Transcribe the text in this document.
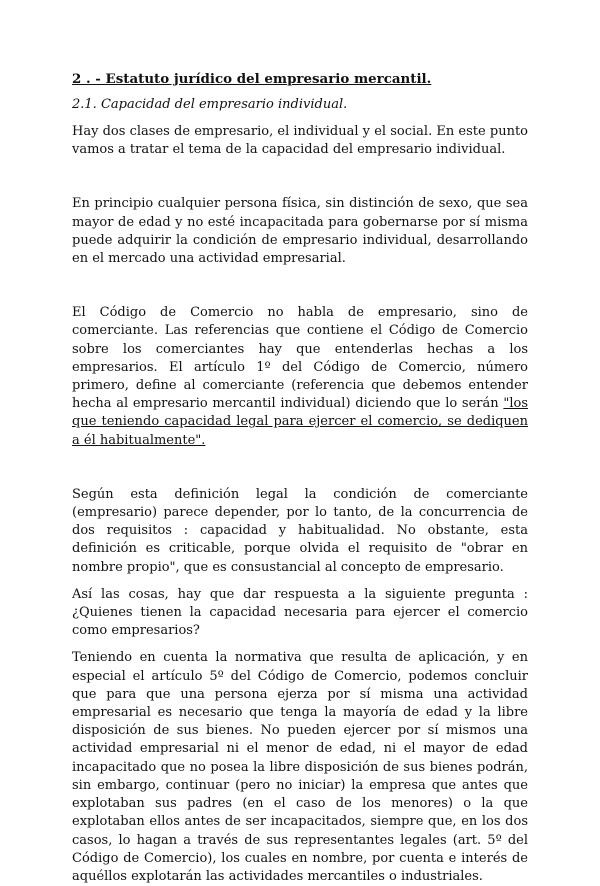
2 . - Estatuto jurídico del empresario mercantil.

2.1. Capacidad del empresario individual.

Hay dos clases de empresario, el individual y el social. En este punto vamos a tratar el tema de la capacidad del empresario individual.

En principio cualquier persona física, sin distinción de sexo, que sea mayor de edad y no esté incapacitada para gobernarse por sí misma puede adquirir la condición de empresario individual, desarrollando en el mercado una actividad empresarial.

El Código de Comercio no habla de empresario, sino de comerciante. Las referencias que contiene el Código de Comercio sobre los comerciantes hay que entenderlas hechas a los empresarios. El artículo 1º del Código de Comercio, número primero, define al comerciante (referencia que debemos entender hecha al empresario mercantil individual) diciendo que lo serán "los que teniendo capacidad legal para ejercer el comercio, se dediquen a él habitualmente".

Según esta definición legal la condición de comerciante (empresario) parece depender, por lo tanto, de la concurrencia de dos requisitos : capacidad y habitualidad. No obstante, esta definición es criticable, porque olvida el requisito de "obrar en nombre propio", que es consustancial al concepto de empresario.

Así las cosas, hay que dar respuesta a la siguiente pregunta : ¿Quienes tienen la capacidad necesaria para ejercer el comercio como empresarios?

Teniendo en cuenta la normativa que resulta de aplicación, y en especial el artículo 5º del Código de Comercio, podemos concluir que para que una persona ejerza por sí misma una actividad empresarial es necesario que tenga la mayoría de edad y la libre disposición de sus bienes. No pueden ejercer por sí mismos una actividad empresarial ni el menor de edad, ni el mayor de edad incapacitado que no posea la libre disposición de sus bienes podrán, sin embargo, continuar (pero no iniciar) la empresa que antes que explotaban sus padres (en el caso de los menores) o la que explotaban ellos antes de ser incapacitados, siempre que, en los dos casos, lo hagan a través de sus representantes legales (art. 5º del Código de Comercio), los cuales en nombre, por cuenta e interés de aquéllos explotarán las actividades mercantiles o industriales.
